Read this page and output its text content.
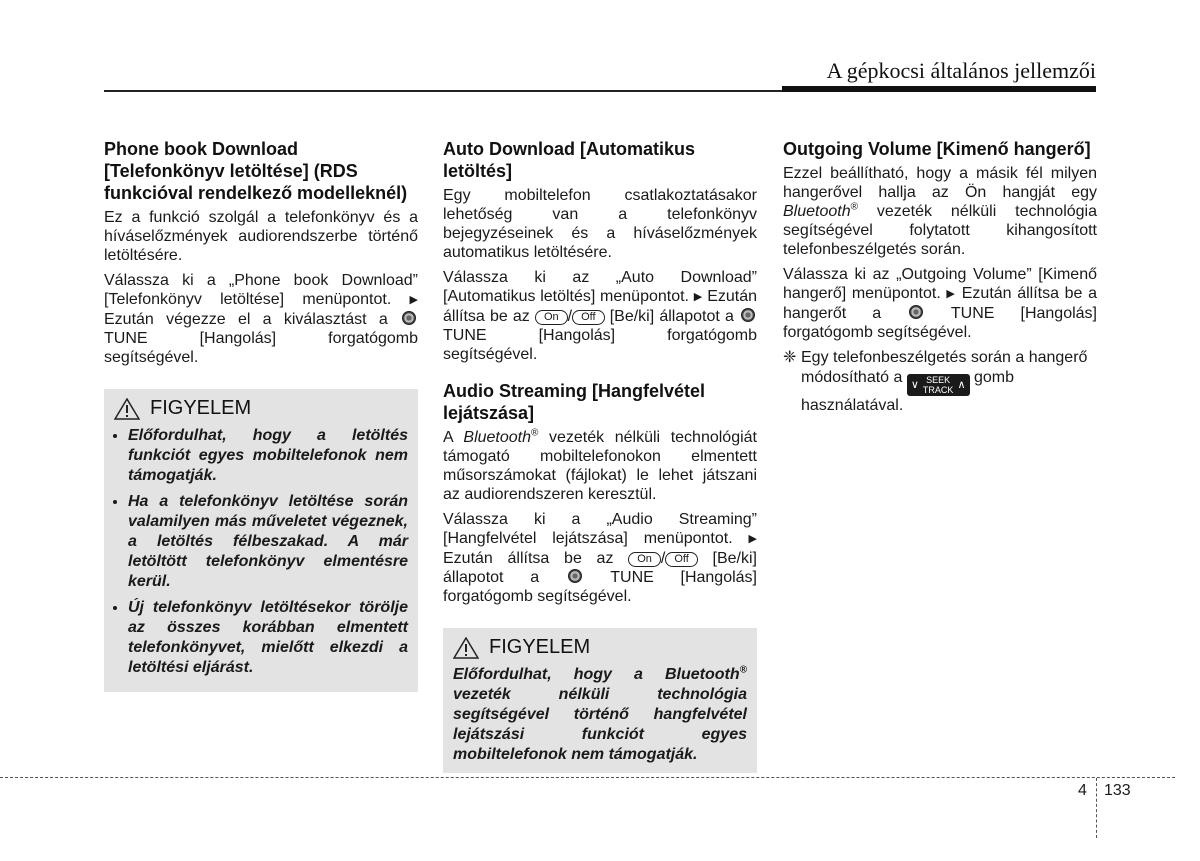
A gépkocsi általános jellemzői
Phone book Download [Telefonkönyv letöltése] (RDS funkcióval rendelkező modelleknél)

Ez a funkció szolgál a telefonkönyv és a híváselőzmények audiorendszerbe történő letöltésére.

Válassza ki a „Phone book Download” [Telefonkönyv letöltése] menüpontot. ▶ Ezután végezze el a kiválasztást a  TUNE [Hangolás] forgatógomb segítségével.

FIGYELEM
• Előfordulhat, hogy a letöltés funkciót egyes mobiltelefonok nem támogatják.
• Ha a telefonkönyv letöltése során valamilyen más műveletet végeznek, a letöltés félbeszakad. A már letöltött telefonkönyv elmentésre kerül.
• Új telefonkönyv letöltésekor törölje az összes korábban elmentett telefonkönyvet, mielőtt elkezdi a letöltési eljárást.
Auto Download [Automatikus letöltés]

Egy mobiltelefon csatlakoztatásakor lehetőség van a telefonkönyv bejegyzéseinek és a híváselőzmények automatikus letöltésére.

Válassza ki az „Auto Download” [Automatikus letöltés] menüpontot. ▶ Ezután állítsa be az On / Off [Be/ki] állapotot a  TUNE [Hangolás] forgatógomb segítségével.

Audio Streaming [Hangfelvétel lejátszása]

A Bluetooth® vezeték nélküli technológiát támogató mobiltelefonokon elmentett műsorszámokat (fájlokat) le lehet játszani az audiorendszeren keresztül.

Válassza ki a „Audio Streaming” [Hangfelvétel lejátszása] menüpontot. ▶ Ezután állítsa be az On / Off [Be/ki] állapotot a	TUNE [Hangolás] forgatógomb segítségével.

FIGYELEM

Előfordulhat, hogy a Bluetooth® vezeték nélküli technológia segítségével történő hangfelvétel lejátszási funkciót egyes mobiltelefonok nem támogatják.

Outgoing Volume [Kimenő hangerő]

Ezzel beállítható, hogy a másik fél milyen hangerővel hallja az Ön hangját egy Bluetooth® vezeték nélküli technológia segítségével folytatott kihangosított telefonbeszélgetés során.

Válassza ki az „Outgoing Volume” [Kimenő hangerő] menüpontot. ▶ Ezután állítsa be a hangerőt a	TUNE [Hangolás] forgatógomb segítségével.

❈ Egy telefonbeszélgetés során a hangerő módosítható a ∨ SEEK
TRACK ∧ gomb használatával.
4 133
